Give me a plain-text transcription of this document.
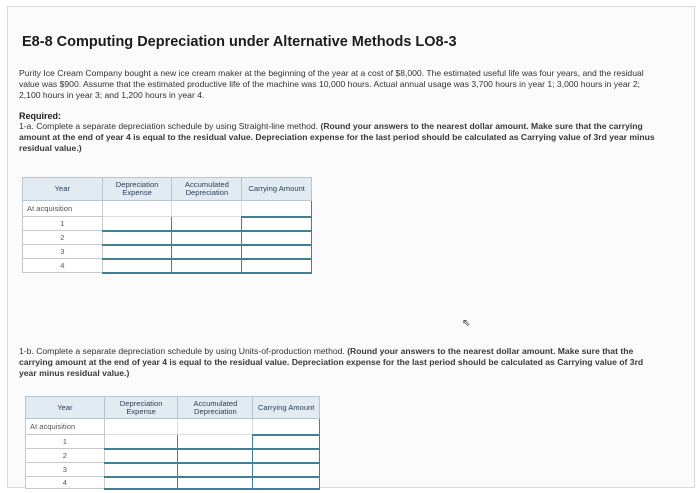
E8-8 Computing Depreciation under Alternative Methods LO8-3
Purity Ice Cream Company bought a new ice cream maker at the beginning of the year at a cost of $8,000. The estimated useful life was four years, and the residual value was $900. Assume that the estimated productive life of the machine was 10,000 hours. Actual annual usage was 3,700 hours in year 1; 3,000 hours in year 2; 2,100 hours in year 3; and 1,200 hours in year 4.
Required:
1-a. Complete a separate depreciation schedule by using Straight-line method. (Round your answers to the nearest dollar amount. Make sure that the carrying amount at the end of year 4 is equal to the residual value. Depreciation expense for the last period should be calculated as Carrying value of 3rd year minus residual value.)
Year	Depreciation Expense	Accumulated Depreciation	Carrying Amount
At acquisition			
1			
2			
3			
4			
⇖
1-b. Complete a separate depreciation schedule by using Units-of-production method. (Round your answers to the nearest dollar amount. Make sure that the carrying amount at the end of year 4 is equal to the residual value. Depreciation expense for the last period should be calculated as Carrying value of 3rd year minus residual value.)
Year	Depreciation Expense	Accumulated Depreciation	Carrying Amount
At acquisition			
1			
2			
3			
4			
